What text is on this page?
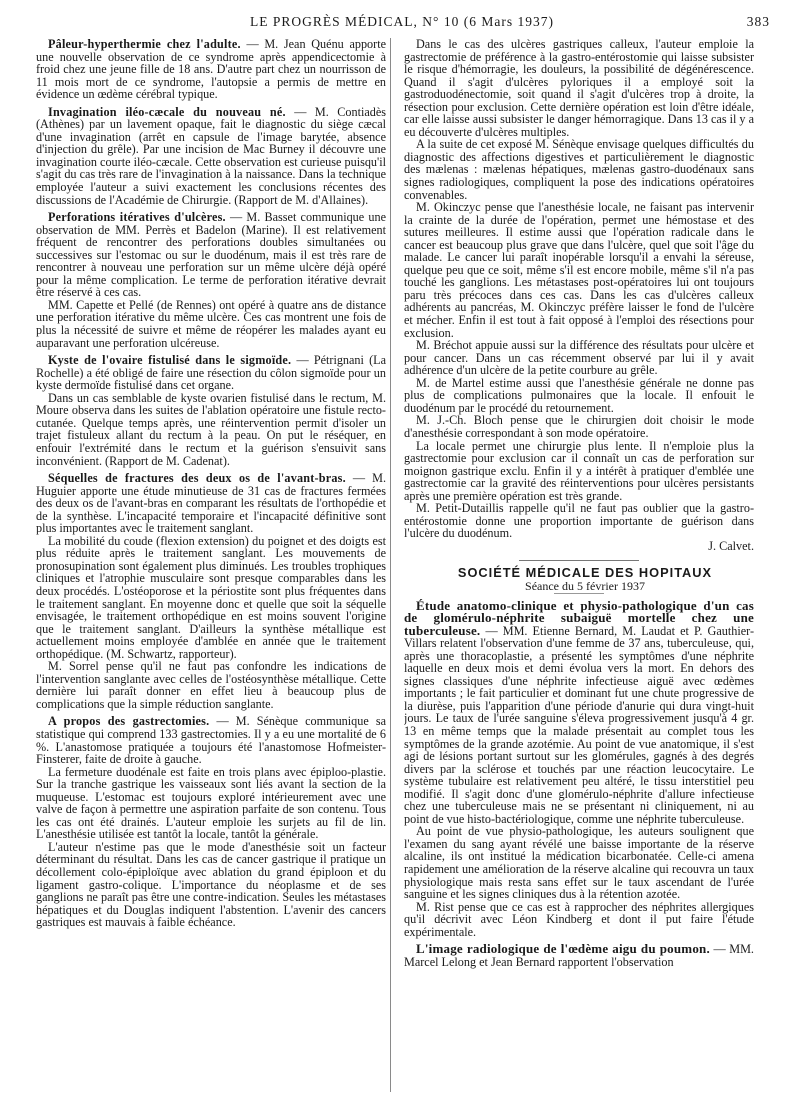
LE PROGRÈS MÉDICAL, N° 10 (6 Mars 1937)	383

Pâleur-hyperthermie chez l'adulte. — M. Jean Quénu apporte une nouvelle observation de ce syndrome après appendicectomie à froid chez une jeune fille de 18 ans. D'autre part chez un nourrisson de 11 mois mort de ce syndrome, l'autopsie a permis de mettre en évidence un œdème cérébral typique.

Invagination iléo-cæcale du nouveau né. — M. Contiadès (Athènes) par un lavement opaque, fait le diagnostic du siège cæcal d'une invagination (arrêt en capsule de l'image barytée, absence d'injection du grêle). Par une incision de Mac Burney il découvre une invagination courte iléo-cæcale. Cette observation est curieuse puisqu'il s'agit du cas très rare de l'invagination à la naissance. Dans la technique employée l'auteur a suivi exactement les conclusions récentes des discussions de l'Académie de Chirurgie. (Rapport de M. d'Allaines).

Perforations itératives d'ulcères. — M. Basset communique une observation de MM. Perrès et Badelon (Marine). Il est relativement fréquent de rencontrer des perforations doubles simultanées ou successives sur l'estomac ou sur le duodénum, mais il est très rare de rencontrer à nouveau une perforation sur un même ulcère déjà opéré pour la même complication. Le terme de perforation itérative devrait être réservé à ces cas.

MM. Capette et Pellé (de Rennes) ont opéré à quatre ans de distance une perforation itérative du même ulcère. Ces cas montrent une fois de plus la nécessité de suivre et même de réopérer les malades ayant eu auparavant une perforation ulcéreuse.

Kyste de l'ovaire fistulisé dans le sigmoïde. — Pétrignani (La Rochelle) a été obligé de faire une résection du côlon sigmoïde pour un kyste dermoïde fistulisé dans cet organe.

Dans un cas semblable de kyste ovarien fistulisé dans le rectum, M. Moure observa dans les suites de l'ablation opératoire une fistule recto-cutanée. Quelque temps après, une réintervention permit d'isoler un trajet fistuleux allant du rectum à la peau. On put le réséquer, en enfouir l'extrémité dans le rectum et la guérison s'ensuivit sans inconvénient. (Rapport de M. Cadenat).

Séquelles de fractures des deux os de l'avant-bras. — M. Huguier apporte une étude minutieuse de 31 cas de fractures fermées des deux os de l'avant-bras en comparant les résultats de l'orthopédie et de la synthèse. L'incapacité temporaire et l'incapacité définitive sont plus importantes avec le traitement sanglant.

La mobilité du coude (flexion extension) du poignet et des doigts est plus réduite après le traitement sanglant. Les mouvements de pronosupination sont également plus diminués. Les troubles trophiques cliniques et l'atrophie musculaire sont presque comparables dans les deux procédés. L'ostéoporose et la périostite sont plus fréquentes dans le traitement sanglant. En moyenne donc et quelle que soit la séquelle envisagée, le traitement orthopédique en est moins souvent l'origine que le traitement sanglant. D'ailleurs la synthèse métallique est actuellement moins employée d'amblée en année que le traitement orthopédique. (M. Schwartz, rapporteur).

M. Sorrel pense qu'il ne faut pas confondre les indications de l'intervention sanglante avec celles de l'ostéosynthèse métallique. Cette dernière lui paraît donner en effet lieu à beaucoup plus de complications que la simple réduction sanglante.

A propos des gastrectomies. — M. Sénèque communique sa statistique qui comprend 133 gastrectomies. Il y a eu une mortalité de 6 %. L'anastomose pratiquée a toujours été l'anastomose Hofmeister-Finsterer, faite de droite à gauche.

La fermeture duodénale est faite en trois plans avec épiploo-plastie. Sur la tranche gastrique les vaisseaux sont liés avant la section de la muqueuse. L'estomac est toujours exploré intérieurement avec une valve de façon à permettre une aspiration parfaite de son contenu. Tous les cas ont été drainés. L'auteur emploie les surjets au fil de lin. L'anesthésie utilisée est tantôt la locale, tantôt la générale.

L'auteur n'estime pas que le mode d'anesthésie soit un facteur déterminant du résultat. Dans les cas de cancer gastrique il pratique un décollement colo-épiploïque avec ablation du grand épiploon et du ligament gastro-colique. L'importance du néoplasme et de ses ganglions ne paraît pas être une contre-indication. Seules les métastases hépatiques et du Douglas indiquent l'abstention. L'avenir des cancers gastriques est mauvais à faible échéance.

Dans le cas des ulcères gastriques calleux, l'auteur emploie la gastrectomie de préférence à la gastro-entérostomie qui laisse subsister le risque d'hémorragie, les douleurs, la possibilité de dégénérescence. Quand il s'agit d'ulcères pyloriques il a employé soit la gastroduodénectomie, soit quand il s'agit d'ulcères trop à droite, la résection pour exclusion. Cette dernière opération est loin d'être idéale, car elle laisse aussi subsister le danger hémorragique. Dans 13 cas il y a eu découverte d'ulcères multiples.

A la suite de cet exposé M. Sénèque envisage quelques difficultés du diagnostic des affections digestives et particulièrement le diagnostic des mælenas : mælenas hépatiques, mælenas gastro-duodénaux sans signes radiologiques, compliquent la pose des indications opératoires convenables.

M. Okinczyc pense que l'anesthésie locale, ne faisant pas intervenir la crainte de la durée de l'opération, permet une hémostase et des sutures meilleures. Il estime aussi que l'opération radicale dans le cancer est beaucoup plus grave que dans l'ulcère, quel que soit l'âge du malade. Le cancer lui paraît inopérable lorsqu'il a envahi la séreuse, quelque peu que ce soit, même s'il est encore mobile, même s'il n'a pas touché les ganglions. Les métastases post-opératoires lui ont toujours paru très précoces dans ces cas. Dans les cas d'ulcères calleux adhérents au pancréas, M. Okinczyc préfère laisser le fond de l'ulcère et mécher. Enfin il est tout à fait opposé à l'emploi des résections pour exclusion.

M. Bréchot appuie aussi sur la différence des résultats pour ulcère et pour cancer. Dans un cas récemment observé par lui il y avait adhérence d'un ulcère de la petite courbure au grêle.

M. de Martel estime aussi que l'anesthésie générale ne donne pas plus de complications pulmonaires que la locale. Il enfouit le duodénum par le procédé du retournement.

M. J.-Ch. Bloch pense que le chirurgien doit choisir le mode d'anesthésie correspondant à son mode opératoire.

La locale permet une chirurgie plus lente. Il n'emploie plus la gastrectomie pour exclusion car il connaît un cas de perforation sur moignon gastrique exclu. Enfin il y a intérêt à pratiquer d'emblée une gastrectomie car la gravité des réinterventions pour ulcères persistants après une première opération est très grande.

M. Petit-Dutaillis rappelle qu'il ne faut pas oublier que la gastro-entérostomie donne une proportion importante de guérison dans l'ulcère du duodénum.

J. Calvet.

SOCIÉTÉ MÉDICALE DES HOPITAUX

Séance du 5 février 1937

Étude anatomo-clinique et physio-pathologique d'un cas de glomérulo-néphrite subaiguë mortelle chez une tuberculeuse. — MM. Etienne Bernard, M. Laudat et P. Gauthier-Villars relatent l'observation d'une femme de 37 ans, tuberculeuse, qui, après une thoracoplastie, a présenté les symptômes d'une néphrite laquelle en deux mois et demi évolua vers la mort. En dehors des signes classiques d'une néphrite infectieuse aiguë avec œdèmes importants ; le fait particulier et dominant fut une chute progressive de la diurèse, puis l'apparition d'une période d'anurie qui dura vingt-huit jours. Le taux de l'urée sanguine s'éleva progressivement jusqu'à 4 gr. 13 en même temps que la malade présentait au complet tous les symptômes de la grande azotémie. Au point de vue anatomique, il s'est agi de lésions portant surtout sur les glomérules, gagnés à des degrés divers par la sclérose et touchés par une réaction leucocytaire. Le système tubulaire est relativement peu altéré, le tissu interstitiel peu modifié. Il s'agit donc d'une glomérulo-néphrite d'allure infectieuse chez une tuberculeuse mais ne se présentant ni cliniquement, ni au point de vue histo-bactériologique, comme une néphrite tuberculeuse.

Au point de vue physio-pathologique, les auteurs soulignent que l'examen du sang ayant révélé une baisse importante de la réserve alcaline, ils ont institué la médication bicarbonatée. Celle-ci amena rapidement une amélioration de la réserve alcaline qui recouvra un taux physiologique mais resta sans effet sur le taux ascendant de l'urée sanguine et les signes cliniques dus à la rétention azotée.

M. Rist pense que ce cas est à rapprocher des néphrites allergiques qu'il décrivit avec Léon Kindberg et dont il put faire l'étude expérimentale.

L'image radiologique de l'œdème aigu du poumon. — MM. Marcel Lelong et Jean Bernard rapportent l'observation
